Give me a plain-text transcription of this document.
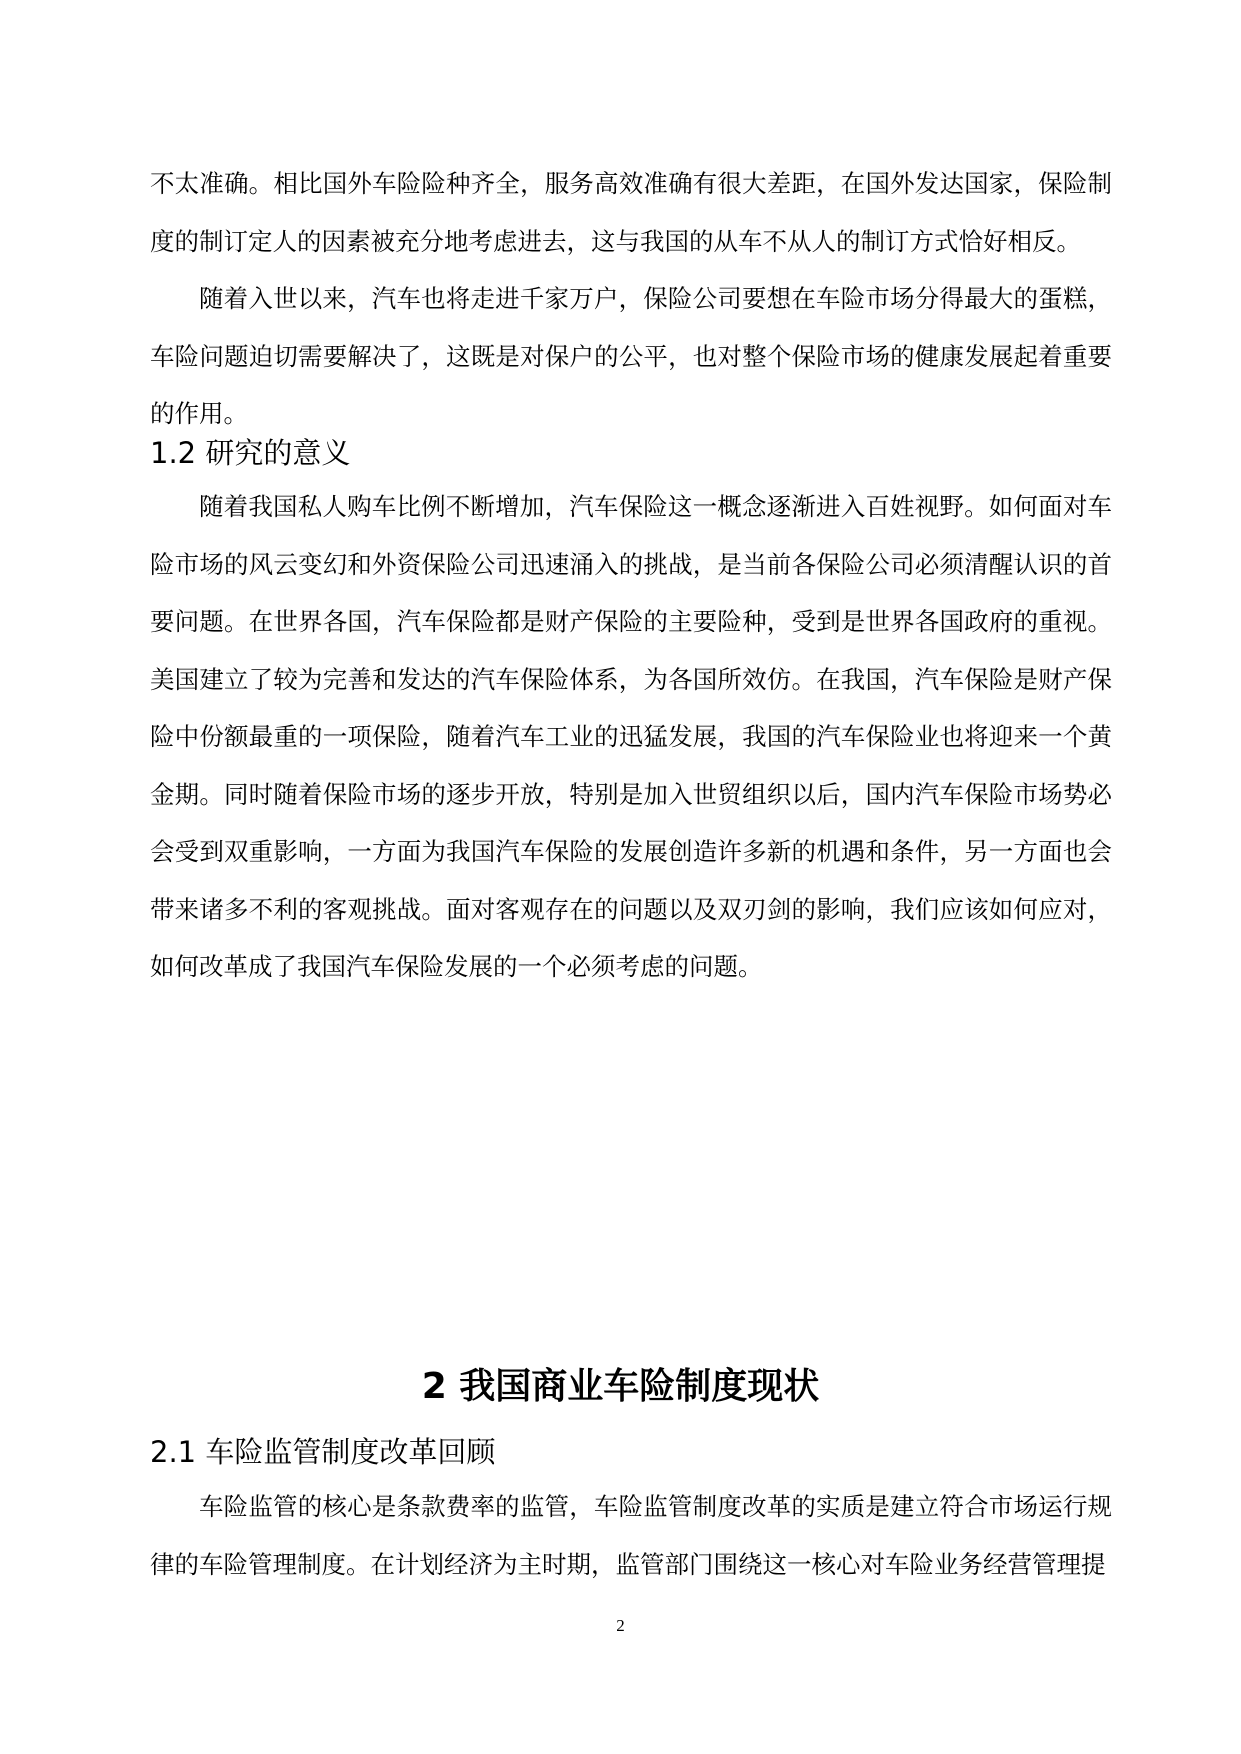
不太准确。相比国外车险险种齐全，服务高效准确有很大差距，在国外发达国家，保险制度的制订定人的因素被充分地考虑进去，这与我国的从车不从人的制订方式恰好相反。

随着入世以来，汽车也将走进千家万户，保险公司要想在车险市场分得最大的蛋糕，车险问题迫切需要解决了，这既是对保户的公平，也对整个保险市场的健康发展起着重要的作用。

1.2 研究的意义

随着我国私人购车比例不断增加，汽车保险这一概念逐渐进入百姓视野。如何面对车险市场的风云变幻和外资保险公司迅速涌入的挑战，是当前各保险公司必须清醒认识的首要问题。在世界各国，汽车保险都是财产保险的主要险种，受到是世界各国政府的重视。美国建立了较为完善和发达的汽车保险体系，为各国所效仿。在我国，汽车保险是财产保险中份额最重的一项保险，随着汽车工业的迅猛发展，我国的汽车保险业也将迎来一个黄金期。同时随着保险市场的逐步开放，特别是加入世贸组织以后，国内汽车保险市场势必会受到双重影响，一方面为我国汽车保险的发展创造许多新的机遇和条件，另一方面也会带来诸多不利的客观挑战。面对客观存在的问题以及双刃剑的影响，我们应该如何应对，如何改革成了我国汽车保险发展的一个必须考虑的问题。

2 我国商业车险制度现状
2.1 车险监管制度改革回顾

车险监管的核心是条款费率的监管，车险监管制度改革的实质是建立符合市场运行规律的车险管理制度。在计划经济为主时期，监管部门围绕这一核心对车险业务经营管理提

2
